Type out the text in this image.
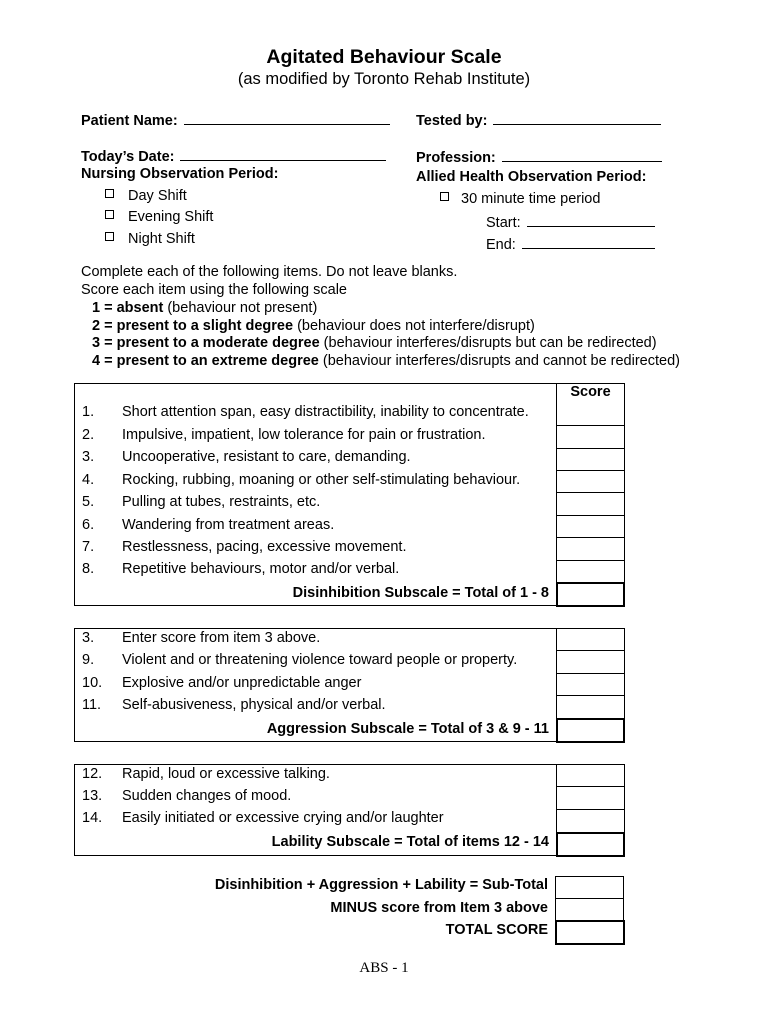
Agitated Behaviour Scale
(as modified by Toronto Rehab Institute)
Patient Name:	Tested by:
Today’s Date:	Profession:
Nursing Observation Period:	Allied Health Observation Period:
Day Shift
Evening Shift
Night Shift
30 minute time period
Start:
End:
Complete each of the following items. Do not leave blanks.
Score each item using the following scale
1 = absent (behaviour not present)
2 = present to a slight degree (behaviour does not interfere/disrupt)
3 = present to a moderate degree (behaviour interferes/disrupts but can be redirected)
4 = present to an extreme degree (behaviour interferes/disrupts and cannot be redirected)
Score
1. Short attention span, easy distractibility, inability to concentrate.
2. Impulsive, impatient, low tolerance for pain or frustration.
3. Uncooperative, resistant to care, demanding.
4. Rocking, rubbing, moaning or other self-stimulating behaviour.
5. Pulling at tubes, restraints, etc.
6. Wandering from treatment areas.
7. Restlessness, pacing, excessive movement.
8. Repetitive behaviours, motor and/or verbal.
Disinhibition Subscale = Total of 1 - 8
3. Enter score from item 3 above.
9. Violent and or threatening violence toward people or property.
10. Explosive and/or unpredictable anger
11. Self-abusiveness, physical and/or verbal.
Aggression Subscale = Total of 3 & 9 - 11
12. Rapid, loud or excessive talking.
13. Sudden changes of mood.
14. Easily initiated or excessive crying and/or laughter
Lability Subscale = Total of items 12 - 14
Disinhibition + Aggression + Lability = Sub-Total
MINUS score from Item 3 above
TOTAL SCORE
ABS - 1
